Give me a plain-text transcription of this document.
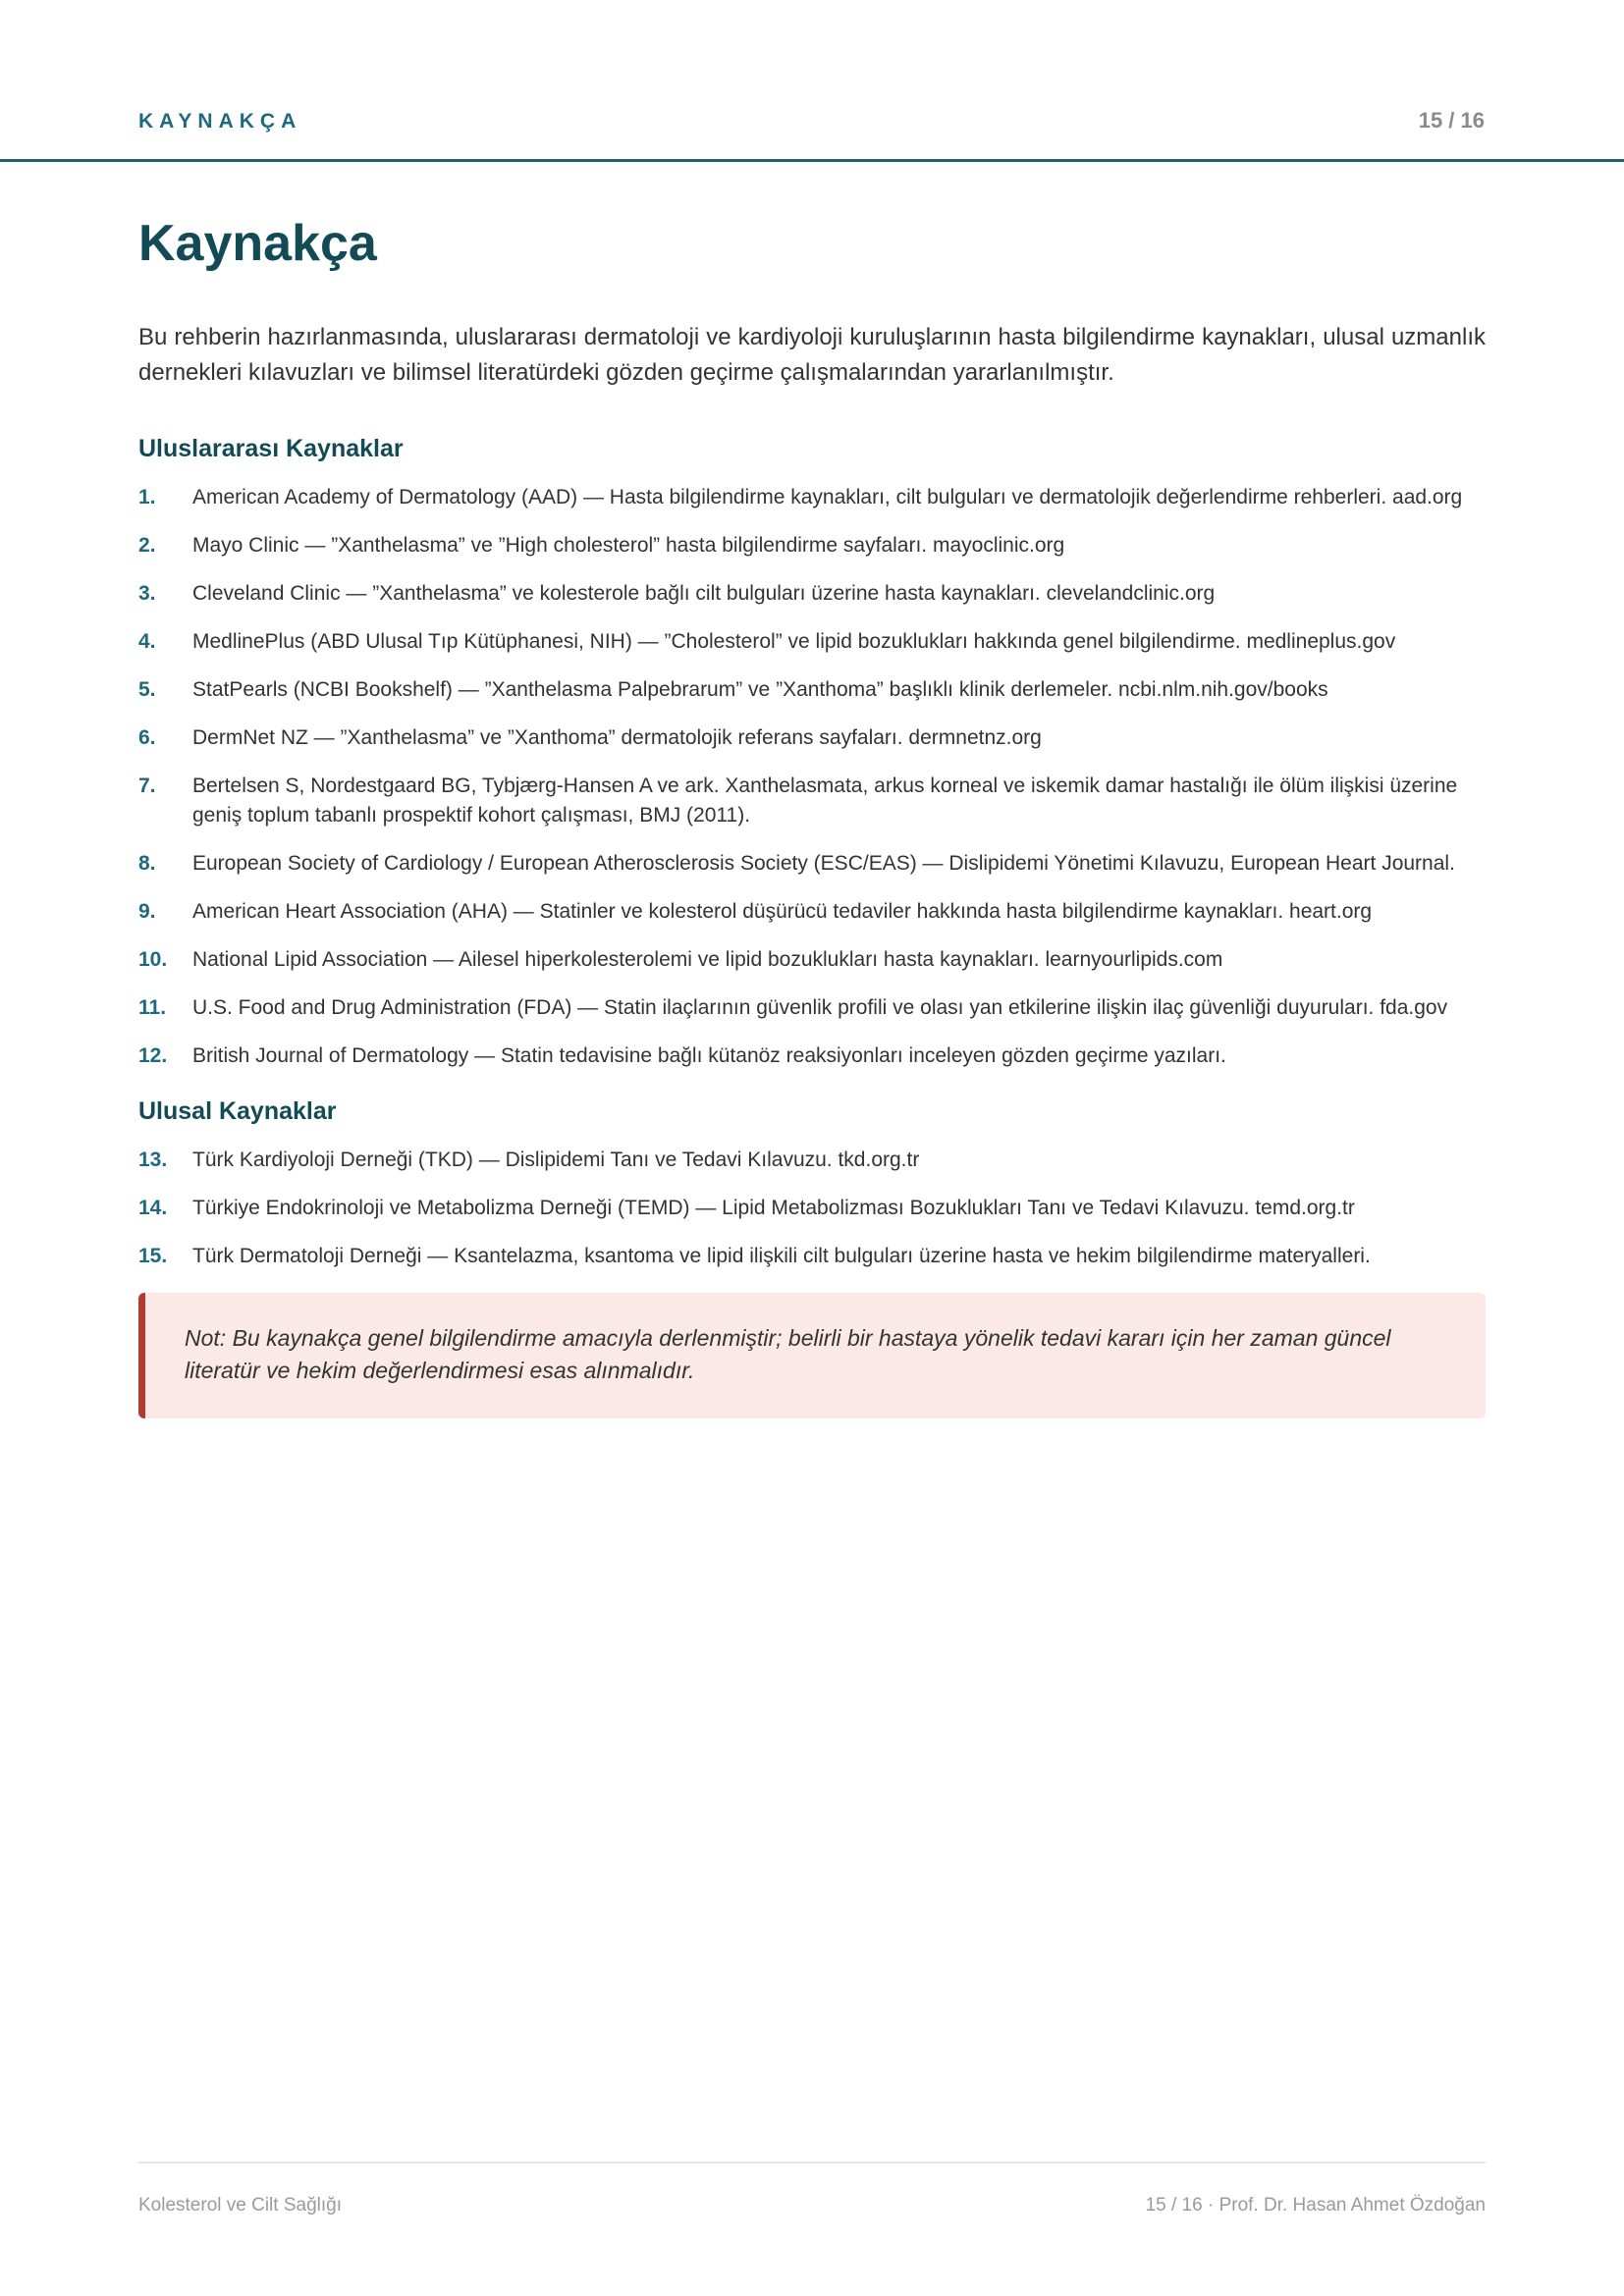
KAYNAKÇA	15 / 16
Kaynakça

Bu rehberin hazırlanmasında, uluslararası dermatoloji ve kardiyoloji kuruluşlarının hasta bilgilendirme kaynakları, ulusal uzmanlık dernekleri kılavuzları ve bilimsel literatürdeki gözden geçirme çalışmalarından yararlanılmıştır.

Uluslararası Kaynaklar
1.	American Academy of Dermatology (AAD) — Hasta bilgilendirme kaynakları, cilt bulguları ve dermatolojik değerlendirme rehberleri. aad.org
2.	Mayo Clinic — ”Xanthelasma” ve ”High cholesterol” hasta bilgilendirme sayfaları. mayoclinic.org
3.	Cleveland Clinic — ”Xanthelasma” ve kolesterole bağlı cilt bulguları üzerine hasta kaynakları. clevelandclinic.org
4.	MedlinePlus (ABD Ulusal Tıp Kütüphanesi, NIH) — ”Cholesterol” ve lipid bozuklukları hakkında genel bilgilendirme. medlineplus.gov
5.	StatPearls (NCBI Bookshelf) — ”Xanthelasma Palpebrarum” ve ”Xanthoma” başlıklı klinik derlemeler. ncbi.nlm.nih.gov/books
6.	DermNet NZ — ”Xanthelasma” ve ”Xanthoma” dermatolojik referans sayfaları. dermnetnz.org
7.	Bertelsen S, Nordestgaard BG, Tybjærg-Hansen A ve ark. Xanthelasmata, arkus korneal ve iskemik damar hastalığı ile ölüm ilişkisi üzerine geniş toplum tabanlı prospektif kohort çalışması, BMJ (2011).
8.	European Society of Cardiology / European Atherosclerosis Society (ESC/EAS) — Dislipidemi Yönetimi Kılavuzu, European Heart Journal.
9.	American Heart Association (AHA) — Statinler ve kolesterol düşürücü tedaviler hakkında hasta bilgilendirme kaynakları. heart.org
10.	National Lipid Association — Ailesel hiperkolesterolemi ve lipid bozuklukları hasta kaynakları. learnyourlipids.com
11.	U.S. Food and Drug Administration (FDA) — Statin ilaçlarının güvenlik profili ve olası yan etkilerine ilişkin ilaç güvenliği duyuruları. fda.gov
12.	British Journal of Dermatology — Statin tedavisine bağlı kütanöz reaksiyonları inceleyen gözden geçirme yazıları.
Ulusal Kaynaklar
13.	Türk Kardiyoloji Derneği (TKD) — Dislipidemi Tanı ve Tedavi Kılavuzu. tkd.org.tr
14.	Türkiye Endokrinoloji ve Metabolizma Derneği (TEMD) — Lipid Metabolizması Bozuklukları Tanı ve Tedavi Kılavuzu. temd.org.tr
15.	Türk Dermatoloji Derneği — Ksantelazma, ksantoma ve lipid ilişkili cilt bulguları üzerine hasta ve hekim bilgilendirme materyalleri.
Not: Bu kaynakça genel bilgilendirme amacıyla derlenmiştir; belirli bir hastaya yönelik tedavi kararı için her zaman güncel literatür ve hekim değerlendirmesi esas alınmalıdır.
Kolesterol ve Cilt Sağlığı	15 / 16 · Prof. Dr. Hasan Ahmet Özdoğan
